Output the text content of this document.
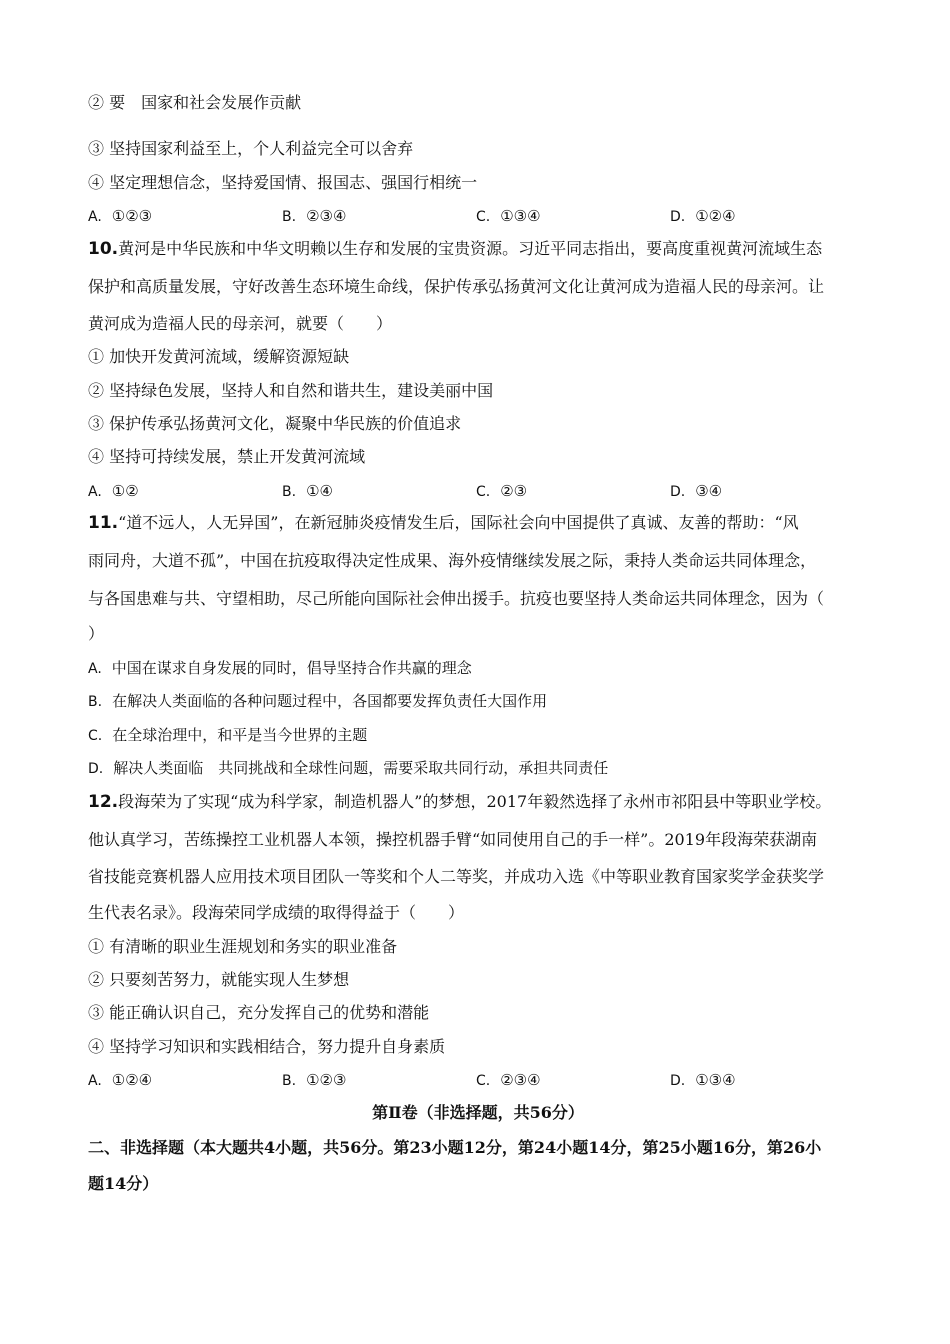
② 要　国家和社会发展作贡献
③ 坚持国家利益至上，个人利益完全可以舍弃
④ 坚定理想信念，坚持爱国情、报国志、强国行相统一
A. ①②③	B. ②③④	C. ①③④	D. ①②④
10.黄河是中华民族和中华文明赖以生存和发展的宝贵资源。习近平同志指出，要高度重视黄河流域生态
保护和高质量发展，守好改善生态环境生命线，保护传承弘扬黄河文化让黄河成为造福人民的母亲河。让
黄河成为造福人民的母亲河，就要（　　）
① 加快开发黄河流域，缓解资源短缺
② 坚持绿色发展，坚持人和自然和谐共生，建设美丽中国
③ 保护传承弘扬黄河文化，凝聚中华民族的价值追求
④ 坚持可持续发展，禁止开发黄河流域
A. ①②	B. ①④	C. ②③	D. ③④
11.“道不远人，人无异国”，在新冠肺炎疫情发生后，国际社会向中国提供了真诚、友善的帮助：“风
雨同舟，大道不孤”，中国在抗疫取得决定性成果、海外疫情继续发展之际，秉持人类命运共同体理念，
与各国患难与共、守望相助，尽己所能向国际社会伸出援手。抗疫也要坚持人类命运共同体理念，因为（
）
A. 中国在谋求自身发展的同时，倡导坚持合作共赢的理念
B. 在解决人类面临的各种问题过程中，各国都要发挥负责任大国作用
C. 在全球治理中，和平是当今世界的主题
D. 解决人类面临　共同挑战和全球性问题，需要采取共同行动，承担共同责任
12.段海荣为了实现“成为科学家，制造机器人”的梦想，2017年毅然选择了永州市祁阳县中等职业学校。
他认真学习，苦练操控工业机器人本领，操控机器手臂“如同使用自己的手一样”。2019年段海荣获湖南
省技能竞赛机器人应用技术项目团队一等奖和个人二等奖，并成功入选《中等职业教育国家奖学金获奖学
生代表名录》。段海荣同学成绩的取得得益于（　　）
① 有清晰的职业生涯规划和务实的职业准备
② 只要刻苦努力，就能实现人生梦想
③ 能正确认识自己，充分发挥自己的优势和潜能
④ 坚持学习知识和实践相结合，努力提升自身素质
A. ①②④	B. ①②③	C. ②③④	D. ①③④
第Ⅱ卷（非选择题，共56分）
二、非选择题（本大题共4小题，共56分。第23小题12分，第24小题14分，第25小题16分，第26小
题14分）
